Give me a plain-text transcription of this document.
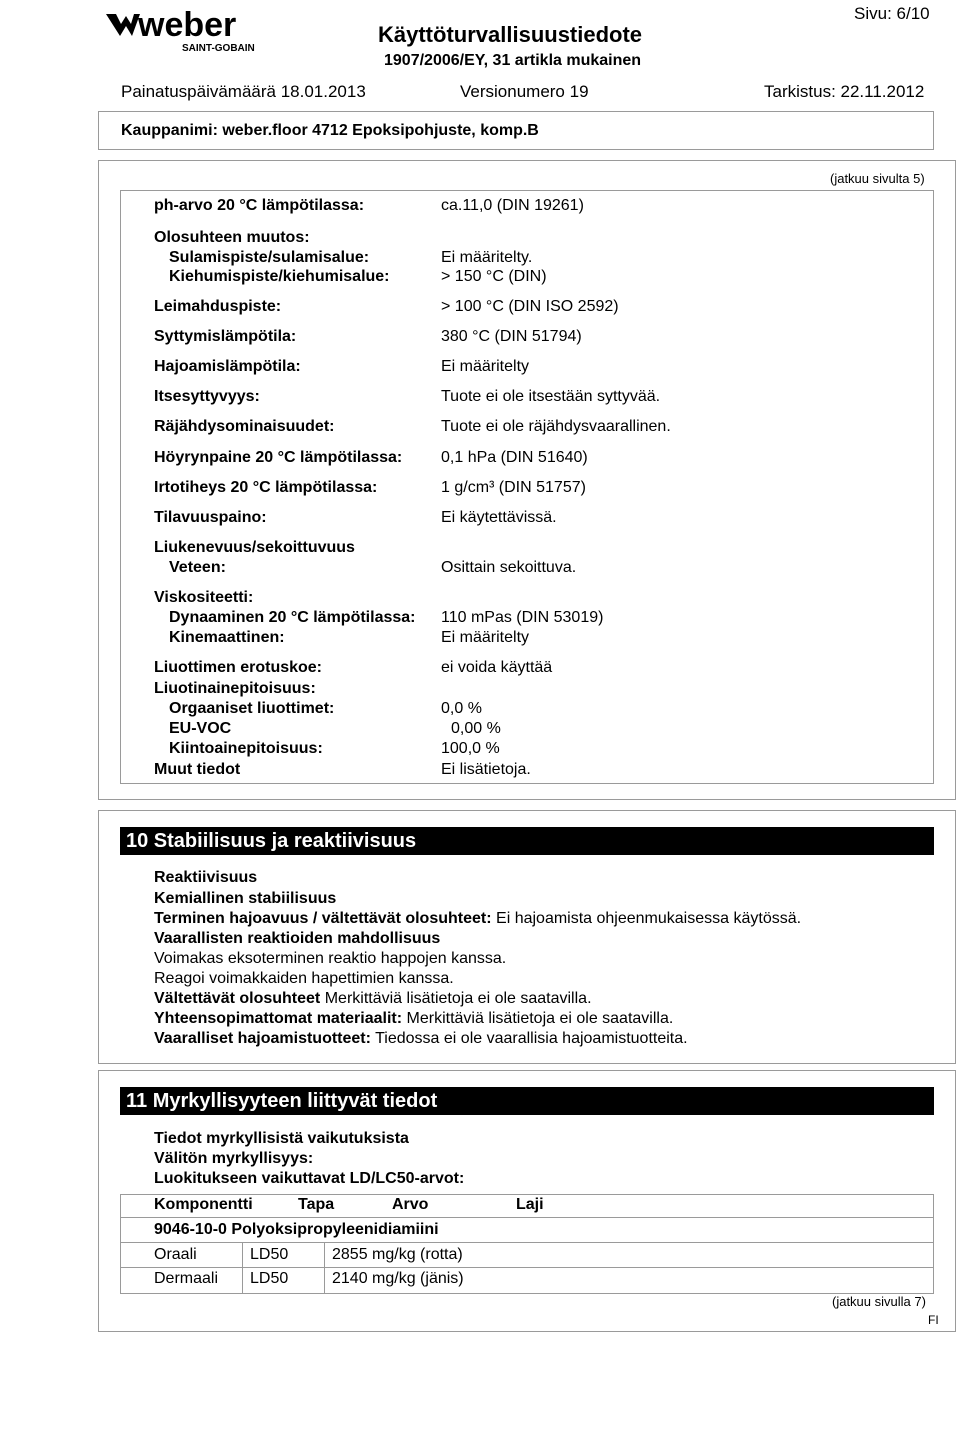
weber
SAINT-GOBAIN
Käyttöturvallisuustiedote
1907/2006/EY, 31 artikla mukainen
Sivu: 6/10
Painatuspäivämäärä 18.01.2013	Versionumero 19	Tarkistus: 22.11.2012
Kauppanimi: weber.floor 4712 Epoksipohjuste, komp.B
(jatkuu sivulta 5)
ph-arvo 20 °C lämpötilassa:	ca.11,0 (DIN 19261)
Olosuhteen muutos:
Sulamispiste/sulamisalue:	Ei määritelty.
Kiehumispiste/kiehumisalue:	> 150 °C (DIN)
Leimahduspiste:	> 100 °C (DIN ISO 2592)
Syttymislämpötila:	380 °C (DIN 51794)
Hajoamislämpötila:	Ei määritelty
Itsesyttyvyys:	Tuote ei ole itsestään syttyvää.
Räjähdysominaisuudet:	Tuote ei ole räjähdysvaarallinen.
Höyrynpaine 20 °C lämpötilassa: 0,1 hPa (DIN 51640)
Irtotiheys 20 °C lämpötilassa:	1 g/cm³ (DIN 51757)
Tilavuuspaino:	Ei käytettävissä.
Liukenevuus/sekoittuvuus
Veteen:	Osittain sekoittuva.
Viskositeetti:
Dynaaminen 20 °C lämpötilassa: 110 mPas (DIN 53019)
Kinemaattinen:	Ei määritelty
Liuottimen erotuskoe:	ei voida käyttää
Liuotinainepitoisuus:
Orgaaniset liuottimet:	0,0 %
EU-VOC	0,00 %
Kiintoainepitoisuus:	100,0 %
Muut tiedot	Ei lisätietoja.
10 Stabiilisuus ja reaktiivisuus
Reaktiivisuus
Kemiallinen stabiilisuus
Terminen hajoavuus / vältettävät olosuhteet: Ei hajoamista ohjeenmukaisessa käytössä.
Vaarallisten reaktioiden mahdollisuus
Voimakas eksoterminen reaktio happojen kanssa.
Reagoi voimakkaiden hapettimien kanssa.
Vältettävät olosuhteet Merkittäviä lisätietoja ei ole saatavilla.
Yhteensopimattomat materiaalit: Merkittäviä lisätietoja ei ole saatavilla.
Vaaralliset hajoamistuotteet: Tiedossa ei ole vaarallisia hajoamistuotteita.
11 Myrkyllisyyteen liittyvät tiedot
Tiedot myrkyllisistä vaikutuksista
Välitön myrkyllisyys:
Luokitukseen vaikuttavat LD/LC50-arvot:
Komponentti	Tapa	Arvo	Laji
9046-10-0 Polyoksipropyleenidiamiini
Oraali	LD50	2855 mg/kg (rotta)
Dermaali LD50	2140 mg/kg (jänis)
(jatkuu sivulla 7)
FI
